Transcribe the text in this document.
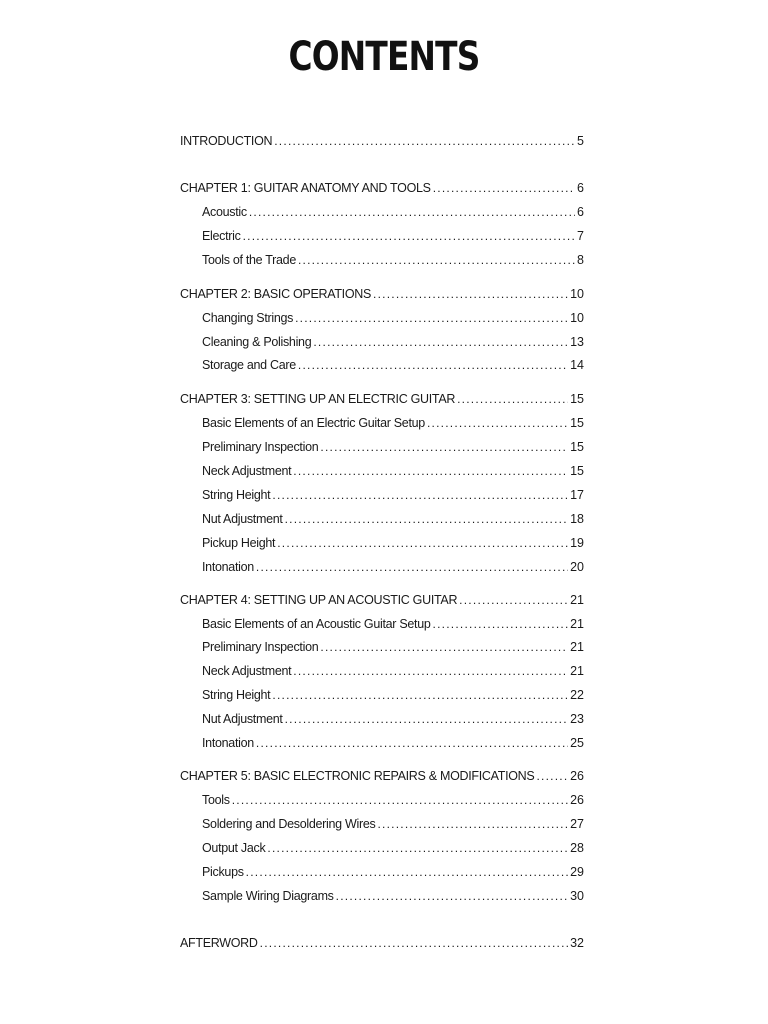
CONTENTS
INTRODUCTION . . .	5
CHAPTER 1: GUITAR ANATOMY AND TOOLS . . .	6
Acoustic . . .	6
Electric . . .	7
Tools of the Trade . . .	8
CHAPTER 2: BASIC OPERATIONS . . .	10
Changing Strings . . .	10
Cleaning & Polishing . . .	13
Storage and Care . . .	14
CHAPTER 3: SETTING UP AN ELECTRIC GUITAR . . .	15
Basic Elements of an Electric Guitar Setup . . .	15
Preliminary Inspection . . .	15
Neck Adjustment . . .	15
String Height . . .	17
Nut Adjustment . . .	18
Pickup Height . . .	19
Intonation . . .	20
CHAPTER 4: SETTING UP AN ACOUSTIC GUITAR . . .	21
Basic Elements of an Acoustic Guitar Setup . . .	21
Preliminary Inspection . . .	21
Neck Adjustment . . .	21
String Height . . .	22
Nut Adjustment . . .	23
Intonation . . .	25
CHAPTER 5: BASIC ELECTRONIC REPAIRS & MODIFICATIONS . . .	26
Tools . . .	26
Soldering and Desoldering Wires . . .	27
Output Jack . . .	28
Pickups . . .	29
Sample Wiring Diagrams . . .	30
AFTERWORD . . .	32
